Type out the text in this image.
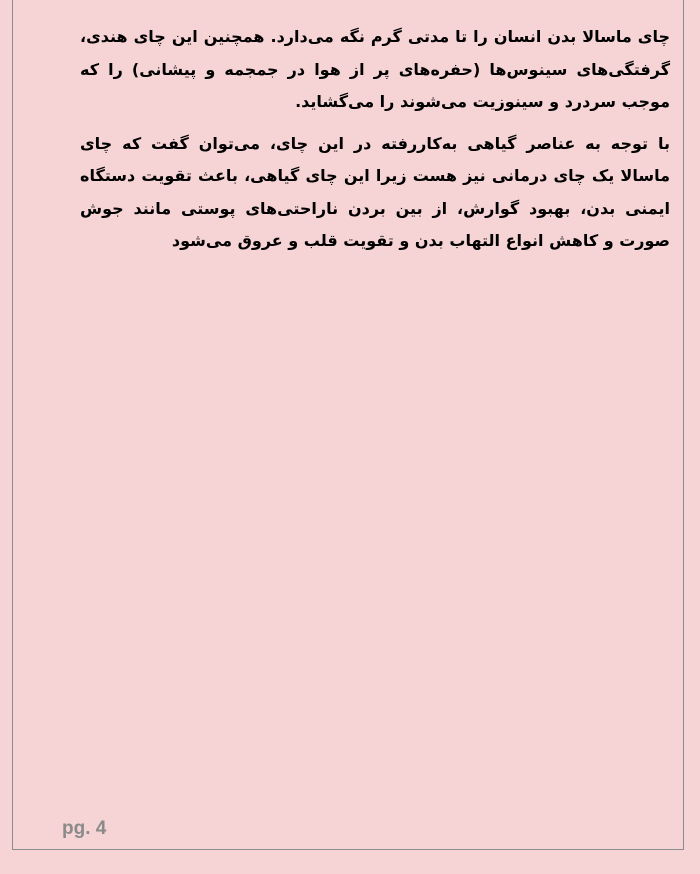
چای ماسالا بدن انسان را تا مدتی گرم نگه می‌دارد. همچنین این چای هندی، گرفتگی‌های سینوس‌ها (حفره‌های پر از هوا در جمجمه و پیشانی) را که موجب سردرد و سینوزیت می‌شوند را می‌گشاید.

با توجه به عناصر گیاهی به‌کاررفته در این چای، می‌توان گفت که چای ماسالا یک چای درمانی نیز هست زیرا این چای گیاهی، باعث تقویت دستگاه ایمنی بدن، بهبود گوارش، از بین بردن ناراحتی‌های پوستی مانند جوش صورت و کاهش انواع التهاب بدن و تقویت قلب و عروق می‌شود

pg. 4
